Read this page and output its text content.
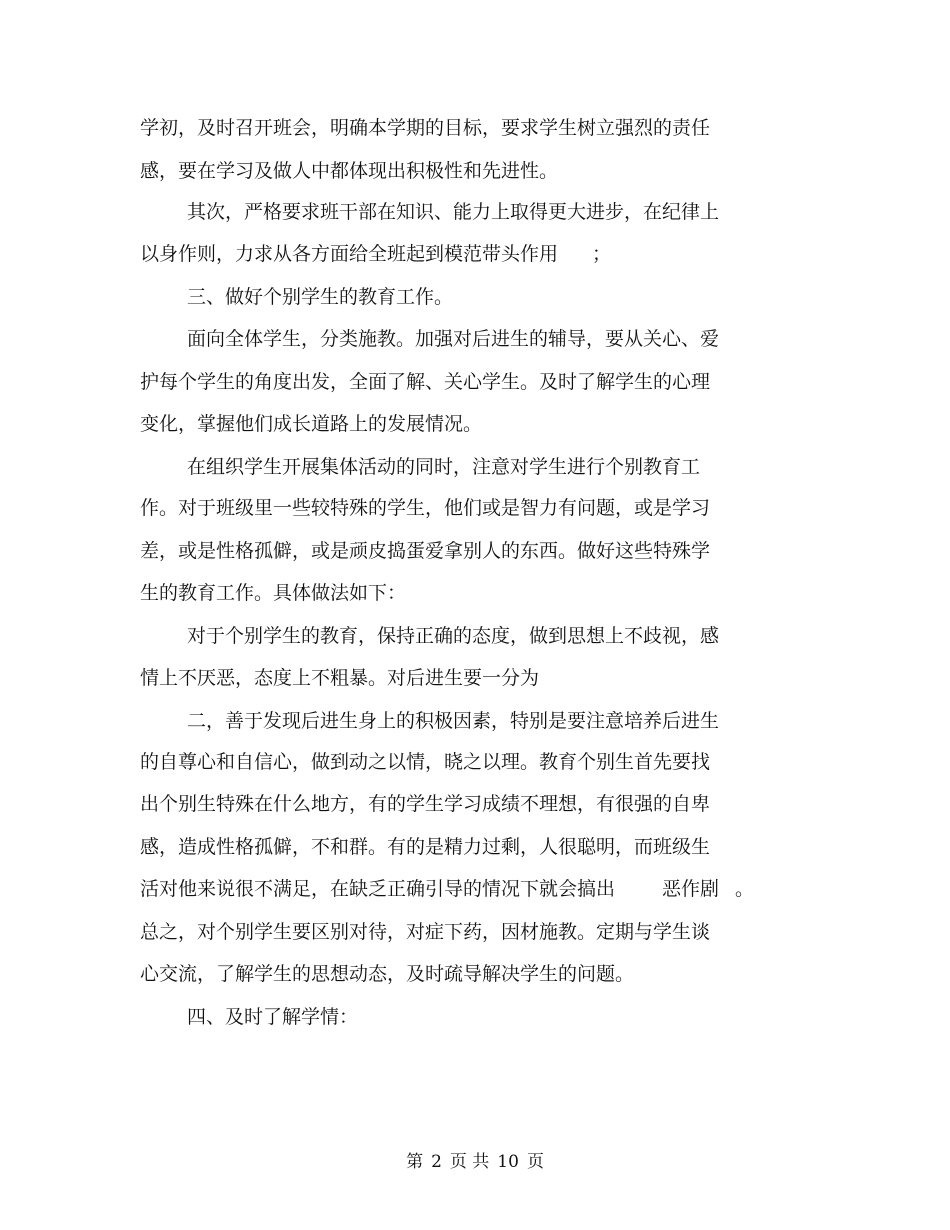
学初，及时召开班会，明确本学期的目标，要求学生树立强烈的责任

感，要在学习及做人中都体现出积极性和先进性。

其次，严格要求班干部在知识、能力上取得更大进步，在纪律上

以身作则，力求从各方面给全班起到模范带头作用 ；

三、做好个别学生的教育工作。

面向全体学生，分类施教。加强对后进生的辅导，要从关心、爱

护每个学生的角度出发，全面了解、关心学生。及时了解学生的心理

变化，掌握他们成长道路上的发展情况。

在组织学生开展集体活动的同时，注意对学生进行个别教育工

作。对于班级里一些较特殊的学生，他们或是智力有问题，或是学习

差，或是性格孤僻，或是顽皮捣蛋爱拿别人的东西。做好这些特殊学

生的教育工作。具体做法如下：

对于个别学生的教育，保持正确的态度，做到思想上不歧视，感

情上不厌恶，态度上不粗暴。对后进生要一分为

二，善于发现后进生身上的积极因素，特别是要注意培养后进生

的自尊心和自信心，做到动之以情，晓之以理。教育个别生首先要找

出个别生特殊在什么地方，有的学生学习成绩不理想，有很强的自卑

感，造成性格孤僻，不和群。有的是精力过剩，人很聪明，而班级生

活对他来说很不满足，在缺乏正确引导的情况下就会搞出 恶作剧 。

总之，对个别学生要区别对待，对症下药，因材施教。定期与学生谈

心交流，了解学生的思想动态，及时疏导解决学生的问题。

四、及时了解学情：

第 2 页 共 10 页
